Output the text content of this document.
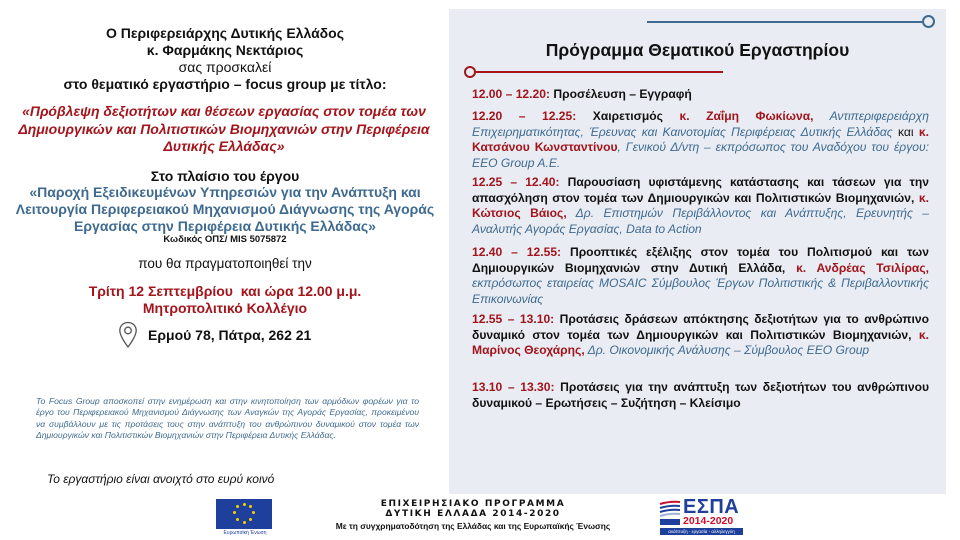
Ο Περιφερειάρχης Δυτικής Ελλάδος
κ. Φαρμάκης Νεκτάριος
σας προσκαλεί
στο θεματικό εργαστήριο – focus group με τίτλο:
«Πρόβλεψη δεξιοτήτων και θέσεων εργασίας στον τομέα των Δημιουργικών και Πολιτιστικών Βιομηχανιών στην Περιφέρεια Δυτικής Ελλάδας»
Στο πλαίσιο του έργου
«Παροχή Εξειδικευμένων Υπηρεσιών για την Ανάπτυξη και Λειτουργία Περιφερειακού Μηχανισμού Διάγνωσης της Αγοράς Εργασίας στην Περιφέρεια Δυτικής Ελλάδας»
Κωδικός ΟΠΣ/ MIS 5075872
που θα πραγματοποιηθεί την
Τρίτη 12 Σεπτεμβρίου  και ώρα 12.00 μ.μ.
Μητροπολιτικό Κολλέγιο
Ερμού 78, Πάτρα, 262 21
Το Focus Group αποσκοπεί στην ενημέρωση και στην κινητοποίηση των αρμόδιων φορέων για το έργο του Περιφερειακού Μηχανισμού Διάγνωσης των Αναγκών της Αγοράς Εργασίας, προκειμένου να συμβάλλουν με τις προτάσεις τους στην ανάπτυξη του ανθρώπινου δυναμικού στον τομέα των Δημιουργικών και Πολιτιστικών Βιομηχανιών στην Περιφέρεια Δυτικής Ελλάδας.
Το εργαστήριο είναι ανοιχτό στο ευρύ κοινό
Πρόγραμμα Θεματικού Εργαστηρίου
12.00 – 12.20: Προσέλευση – Εγγραφή
12.20 – 12.25: Χαιρετισμός κ. Ζαΐμη Φωκίωνα, Αντιπεριφερειάρχη Επιχειρηματικότητας, Έρευνας και Καινοτομίας Περιφέρειας Δυτικής Ελλάδας και κ. Κατσάνου Κωνσταντίνου, Γενικού Δ/ντη – εκπρόσωπος του Αναδόχου του έργου: EEO Group A.E.
12.25 – 12.40: Παρουσίαση υφιστάμενης κατάστασης και τάσεων για την απασχόληση στον τομέα των Δημιουργικών και Πολιτιστικών Βιομηχανιών, κ. Κώτσιος Βάιος, Δρ. Επιστημών Περιβάλλοντος και Ανάπτυξης, Ερευνητής – Αναλυτής Αγοράς Εργασίας, Data to Action
12.40 – 12.55: Προοπτικές εξέλιξης στον τομέα του Πολιτισμού και των Δημιουργικών Βιομηχανιών στην Δυτική Ελλάδα, κ. Ανδρέας Τσιλίρας, εκπρόσωπος εταιρείας MOSAIC Σύμβουλος Έργων Πολιτιστικής & Περιβαλλοντικής Επικοινωνίας
12.55 – 13.10: Προτάσεις δράσεων απόκτησης δεξιοτήτων για το ανθρώπινο δυναμικό στον τομέα των Δημιουργικών και Πολιτιστικών Βιομηχανιών, κ. Μαρίνος Θεοχάρης, Δρ. Οικονομικής Ανάλυσης – Σύμβουλος EEO Group
13.10 – 13.30: Προτάσεις για την ανάπτυξη των δεξιοτήτων του ανθρώπινου δυναμικού – Ερωτήσεις – Συζήτηση – Κλείσιμο
Ευρωπαϊκή Ένωση
ΕΠΙΧΕΙΡΗΣΙΑΚΟ ΠΡΟΓΡΑΜΜΑ
ΔΥΤΙΚΗ ΕΛΛΑΔΑ 2014-2020
Με τη συγχρηματοδότηση της Ελλάδας και της Ευρωπαϊκής Ένωσης
ΕΣΠΑ
2014-2020
ανάπτυξη - εργασία - αλληλεγγύη
